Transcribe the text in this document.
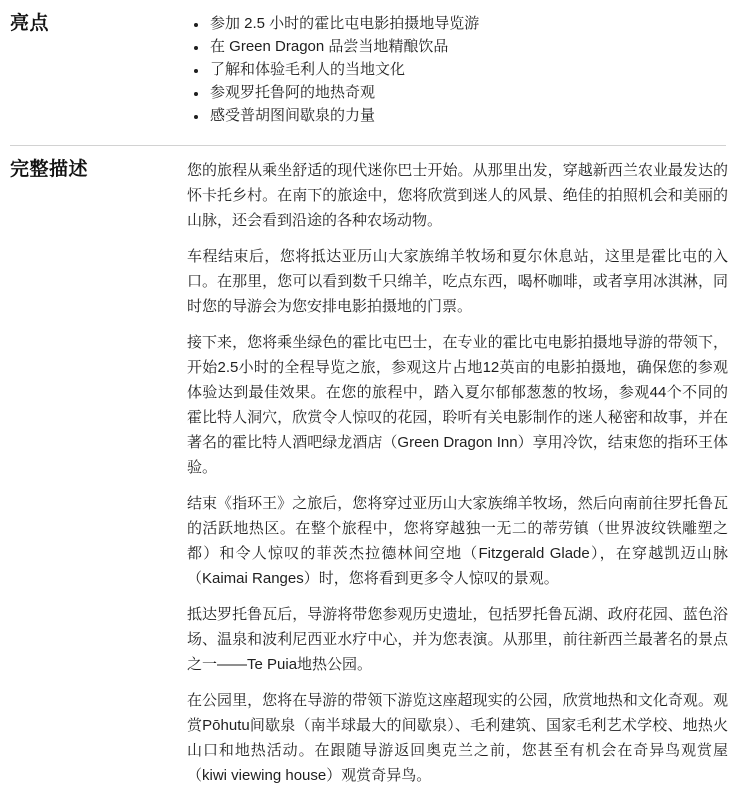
亮点	• 参加 2.5 小时的霍比屯电影拍摄地导览游
• 在 Green Dragon 品尝当地精酿饮品
• 了解和体验毛利人的当地文化
• 参观罗托鲁阿的地热奇观
• 感受普胡图间歇泉的力量
完整描述	您的旅程从乘坐舒适的现代迷你巴士开始。从那里出发，穿越新西兰农业最发达的怀卡托乡村。在南下的旅途中，您将欣赏到迷人的风景、绝佳的拍照机会和美丽的山脉，还会看到沿途的各种农场动物。

车程结束后，您将抵达亚历山大家族绵羊牧场和夏尔休息站，这里是霍比屯的入口。在那里，您可以看到数千只绵羊，吃点东西，喝杯咖啡，或者享用冰淇淋，同时您的导游会为您安排电影拍摄地的门票。

接下来，您将乘坐绿色的霍比屯巴士，在专业的霍比屯电影拍摄地导游的带领下，开始2.5小时的全程导览之旅，参观这片占地12英亩的电影拍摄地，确保您的参观体验达到最佳效果。在您的旅程中，踏入夏尔郁郁葱葱的牧场，参观44个不同的霍比特人洞穴，欣赏令人惊叹的花园，聆听有关电影制作的迷人秘密和故事，并在著名的霍比特人酒吧绿龙酒店（Green Dragon Inn）享用冷饮，结束您的指环王体验。

结束《指环王》之旅后，您将穿过亚历山大家族绵羊牧场，然后向南前往罗托鲁瓦的活跃地热区。在整个旅程中，您将穿越独一无二的蒂劳镇（世界波纹铁雕塑之都）和令人惊叹的菲茨杰拉德林间空地（Fitzgerald Glade），在穿越凯迈山脉（Kaimai Ranges）时，您将看到更多令人惊叹的景观。

抵达罗托鲁瓦后，导游将带您参观历史遗址，包括罗托鲁瓦湖、政府花园、蓝色浴场、温泉和波利尼西亚水疗中心，并为您表演。从那里，前往新西兰最著名的景点之一——Te Puia地热公园。

在公园里，您将在导游的带领下游览这座超现实的公园，欣赏地热和文化奇观。观赏Pōhutu间歇泉（南半球最大的间歇泉）、毛利建筑、国家毛利艺术学校、地热火山口和地热活动。在跟随导游返回奥克兰之前，您甚至有机会在奇异鸟观赏屋（kiwi viewing house）观赏奇异鸟。
